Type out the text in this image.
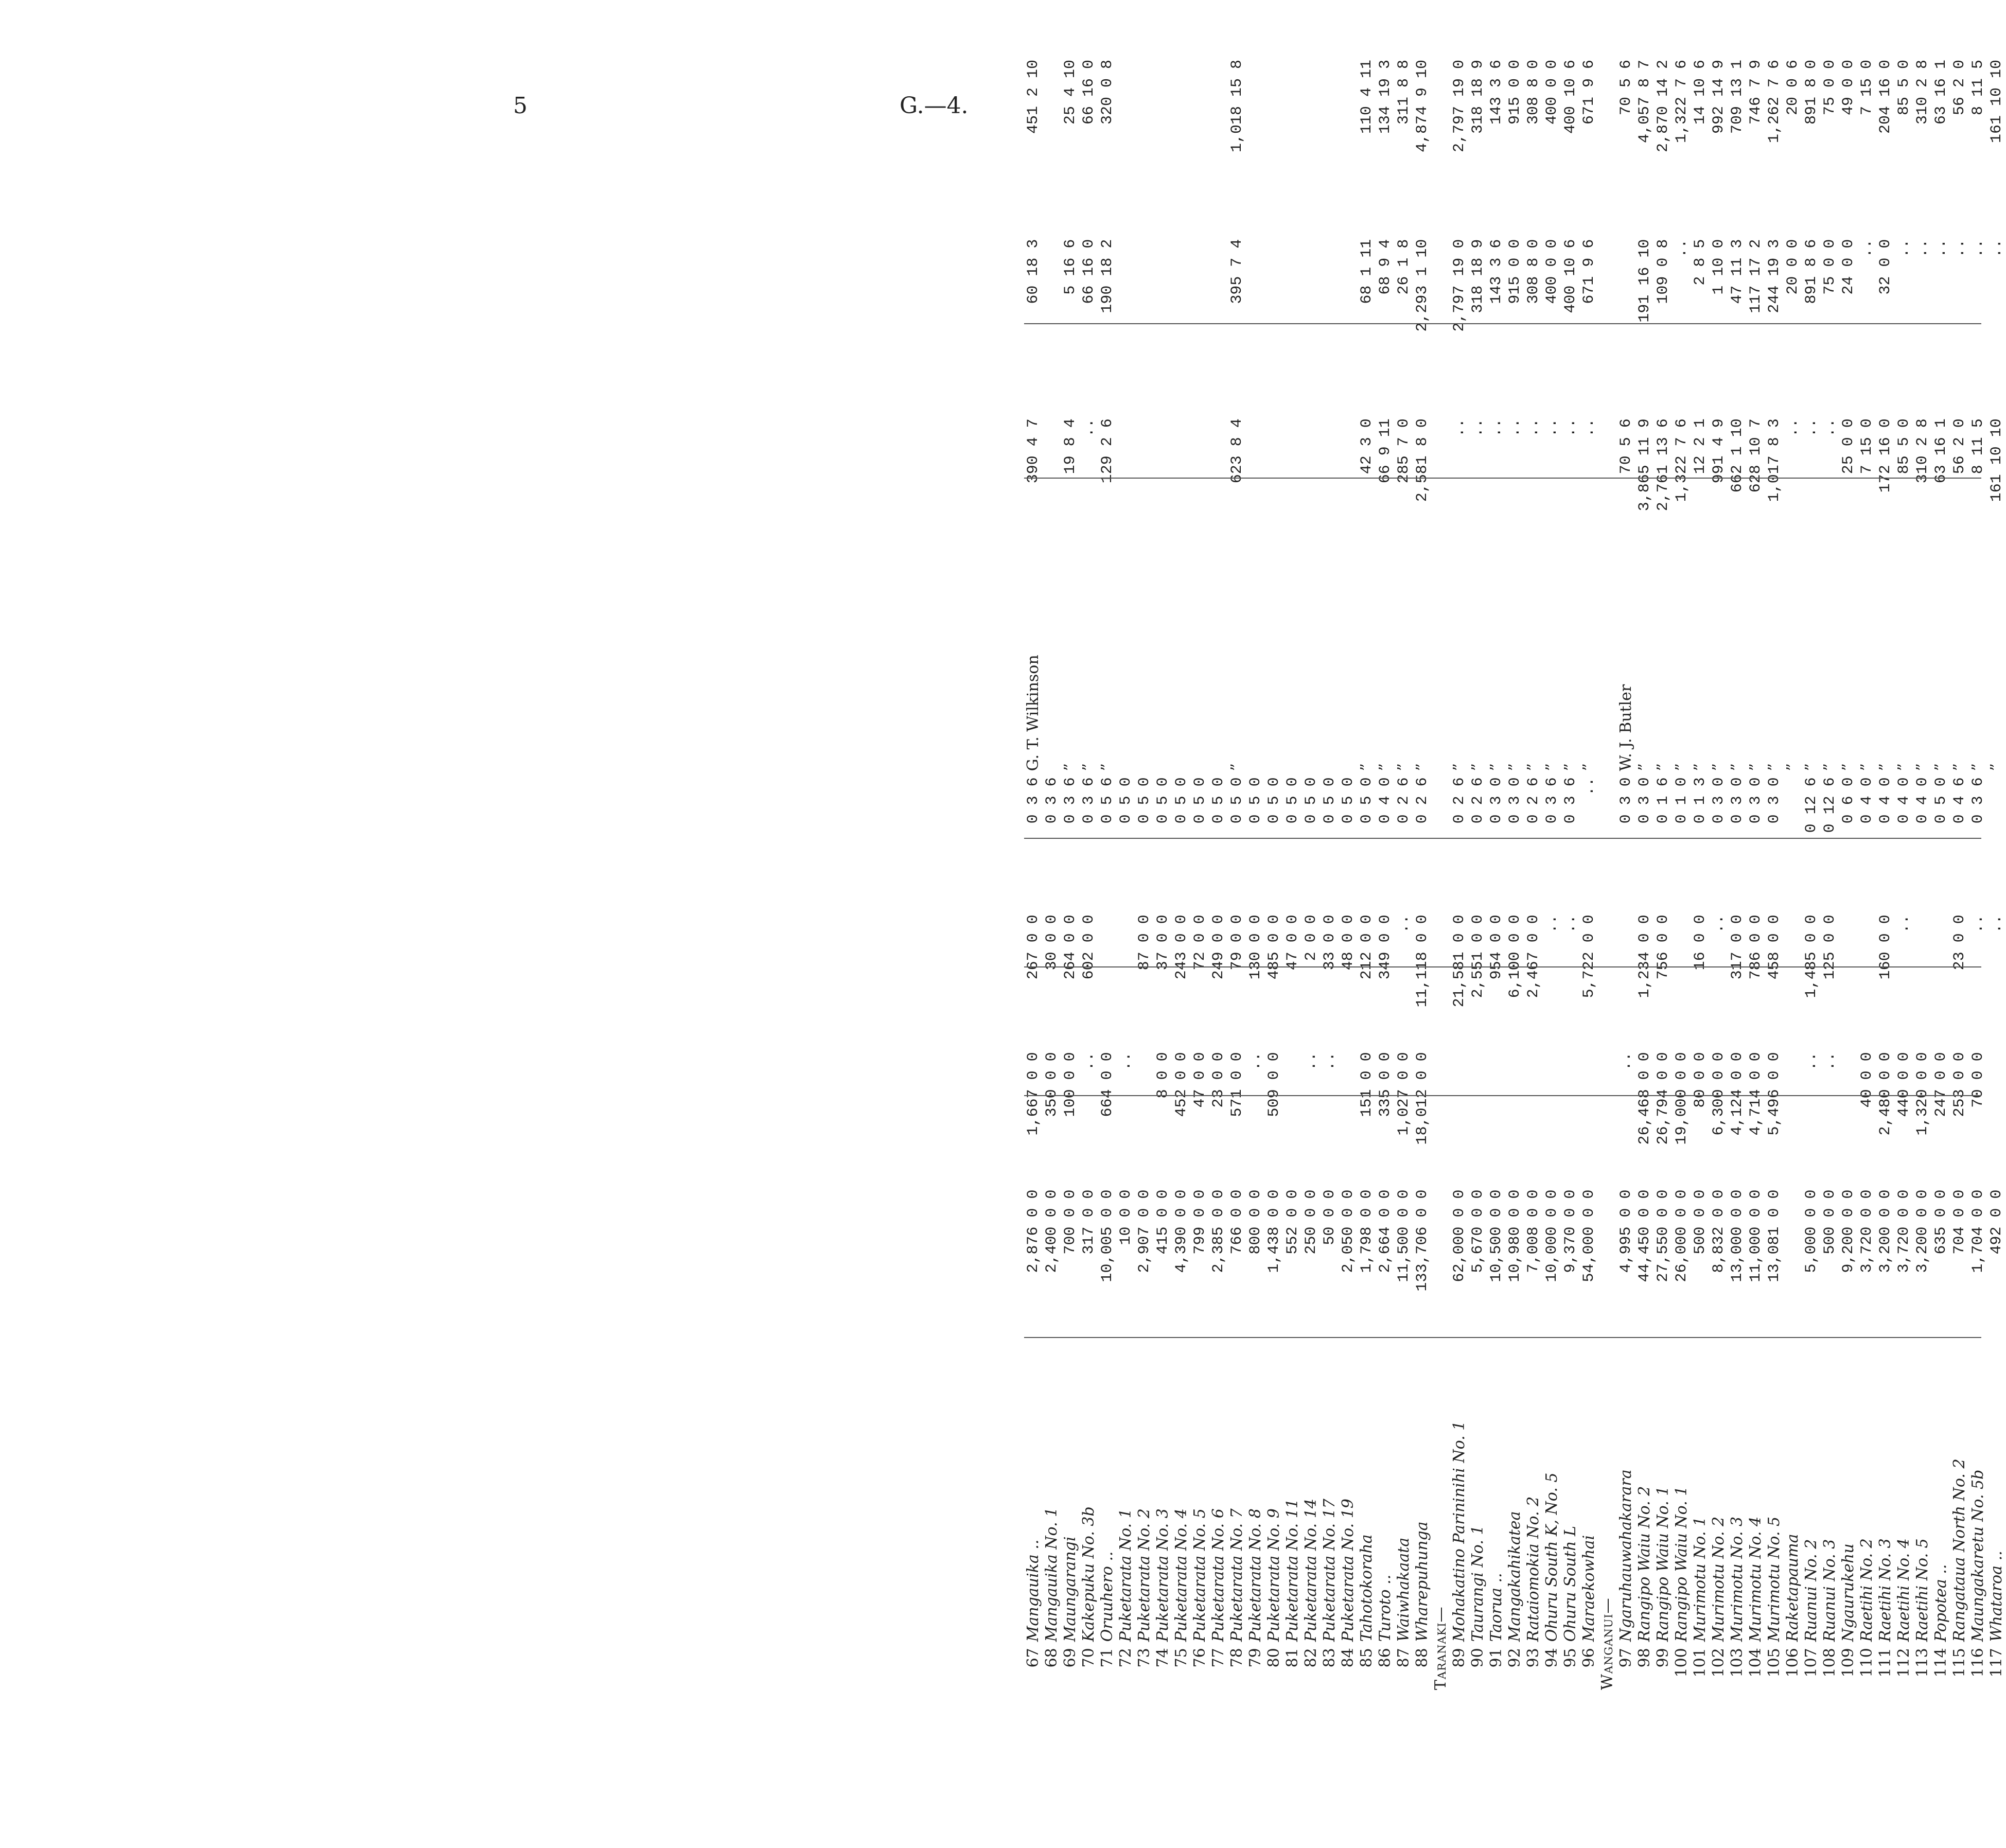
5	G.—4.
67	Mangauika ..	2,876 0 0	1,667 0 0	267 0 0	0 3 6	G. T. Wilkinson	390 4 7	60 18 3	451 2 10
68	Mangauika No. 1	2,400 0 0	350 0 0	30 0 0	0 3 6				
69	Maungarangi	700 0 0	100 0 0	264 0 0	0 3 6	”	19 8 4	5 16 6	25 4 10
70	Kakepuku No. 3b	317 0 0	..	602 0 0	0 3 6	”	..	66 16 0	66 16 0
71	Oruuhero ..	10,005 0 0	664 0 0		0 5 6	”	129 2 6	190 18 2	320 0 8
72	Puketarata No. 1	10 0 0	..		0 5 0				
73	Puketarata No. 2	2,907 0 0		87 0 0	0 5 0				
74	Puketarata No. 3	415 0 0	8 0 0	37 0 0	0 5 0				
75	Puketarata No. 4	4,390 0 0	452 0 0	243 0 0	0 5 0				
76	Puketarata No. 5	799 0 0	47 0 0	72 0 0	0 5 0				
77	Puketarata No. 6	2,385 0 0	23 0 0	249 0 0	0 5 0				
78	Puketarata No. 7	766 0 0	571 0 0	79 0 0	0 5 0	”	623 8 4	395 7 4	1,018 15 8
79	Puketarata No. 8	800 0 0	..	130 0 0	0 5 0				
80	Puketarata No. 9	1,438 0 0	509 0 0	485 0 0	0 5 0				
81	Puketarata No. 11	552 0 0		47 0 0	0 5 0				
82	Puketarata No. 14	250 0 0	..	2 0 0	0 5 0				
83	Puketarata No. 17	50 0 0	..	33 0 0	0 5 0				
84	Puketarata No. 19	2,050 0 0		48 0 0	0 5 0				
85	Tahotokoraha	1,798 0 0	151 0 0	212 0 0	0 5 0	”	42 3 0	68 1 11	110 4 11
86	Turoto ..	2,664 0 0	335 0 0	349 0 0	0 4 0	”	66 9 11	68 9 4	134 19 3
87	Waiwhakaata	11,500 0 0	1,027 0 0	..	0 2 6	”	285 7 0	26 1 8	311 8 8
88	Wharepuhunga	133,706 0 0	18,012 0 0	11,118 0 0	0 2 6	”	2,581 8 0	2,293 1 10	4,874 9 10
Taranaki—									
89	Mohakatino Parininihi No. 1	62,000 0 0		21,581 0 0	0 2 6	”	..	2,797 19 0	2,797 19 0
90	Taurangi No. 1	5,670 0 0		2,551 0 0	0 2 6	”	..	318 18 9	318 18 9
91	Taorua ..	10,500 0 0		954 0 0	0 3 0	”	..	143 3 6	143 3 6
92	Mangakahikatea	10,980 0 0		6,100 0 0	0 3 0	”	..	915 0 0	915 0 0
93	Rataiomokia No. 2	7,008 0 0		2,467 0 0	0 2 6	”	..	308 8 0	308 8 0
94	Ohuru South K, No. 5	10,000 0 0		..	0 3 6	”	..	400 0 0	400 0 0
95	Ohuru South L	9,370 0 0		..	0 3 6	”	..	400 10 6	400 10 6
96	Maraekowhai	54,000 0 0		5,722 0 0	..	”	..	671 9 6	671 9 6
Wanganui—									
97	Ngaruhauwahakarara	4,995 0 0	..		0 3 0	W. J. Butler	70 5 6		70 5 6
98	Rangipo Waiu No. 2	44,450 0 0	26,468 0 0	1,234 0 0	0 3 0	”	3,865 11 9	191 16 10	4,057 8 7
99	Rangipo Waiu No. 1	27,550 0 0	26,794 0 0	756 0 0	0 1 6	”	2,761 13 6	109 0 8	2,870 14 2
100	Rangipo Waiu No. 1	26,000 0 0	19,000 0 0		0 1 0	”	1,322 7 6	..	1,322 7 6
101	Murimotu No. 1	500 0 0	80 0 0	16 0 0	0 1 3	”	12 2 1	2 8 5	14 10 6
102	Murimotu No. 2	8,832 0 0	6,300 0 0	..	0 3 0	”	991 4 9	1 10 0	992 14 9
103	Murimotu No. 3	13,000 0 0	4,124 0 0	317 0 0	0 3 0	”	662 1 10	47 11 3	709 13 1
104	Murimotu No. 4	11,000 0 0	4,714 0 0	786 0 0	0 3 0	”	628 10 7	117 17 2	746 7 9
105	Murimotu No. 5	13,081 0 0	5,496 0 0	458 0 0	0 3 0	”	1,017 8 3	244 19 3	1,262 7 6
106	Raketapauma					”	..	20 0 0	20 0 6
107	Ruanui No. 2	5,000 0 0	..	1,485 0 0	0 12 6	”	..	891 8 6	891 8 0
108	Ruanui No. 3	500 0 0	..	125 0 0	0 12 6	”	..	75 0 0	75 0 0
109	Ngaurukehu	9,200 0 0			0 6 0	”	25 0 0	24 0 0	49 0 0
110	Raetihi No. 2	3,720 0 0	40 0 0		0 4 0	”	7 15 0	..	7 15 0
111	Raetihi No. 3	3,200 0 0	2,480 0 0	160 0 0	0 4 0	”	172 16 0	32 0 0	204 16 0
112	Raetihi No. 4	3,720 0 0	440 0 0	..	0 4 0	”	85 5 0	..	85 5 0
113	Raetihi No. 5	3,200 0 0	1,320 0 0		0 4 0	”	310 2 8	..	310 2 8
114	Popotea ..	635 0 0	247 0 0		0 5 0	”	63 16 1	..	63 16 1
115	Rangataua North No. 2	704 0 0	253 0 0	23 0 0	0 4 6	”	56 2 0	..	56 2 0
116	Maungakaretu No. 5b	1,704 0 0	70 0 0	..	0 3 6	”	8 11 5	..	8 11 5
117	Whataroa ..	492 0 0		..		”	161 10 10	..	161 10 10
